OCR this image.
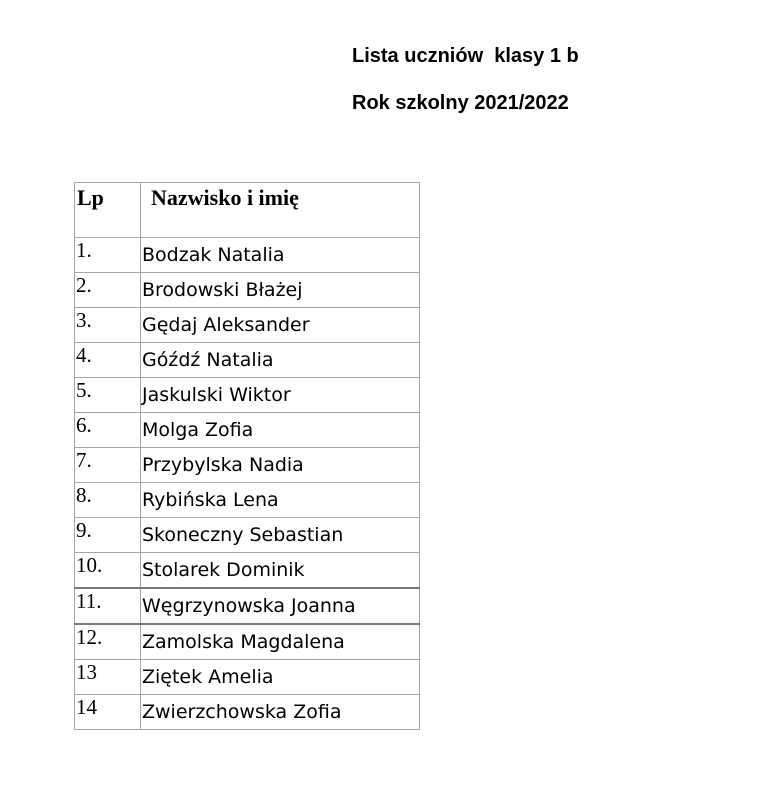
Lista uczniów  klasy 1 b
Rok szkolny 2021/2022
Lp	Nazwisko i imię
1.	Bodzak Natalia
2.	Brodowski Błażej
3.	Gędaj Aleksander
4.	Góźdź Natalia
5.	Jaskulski Wiktor
6.	Molga Zofia
7.	Przybylska Nadia
8.	Rybińska Lena
9.	Skoneczny Sebastian
10.	Stolarek Dominik
11.	Węgrzynowska Joanna
12.	Zamolska Magdalena
13	Ziętek Amelia
14	Zwierzchowska Zofia
